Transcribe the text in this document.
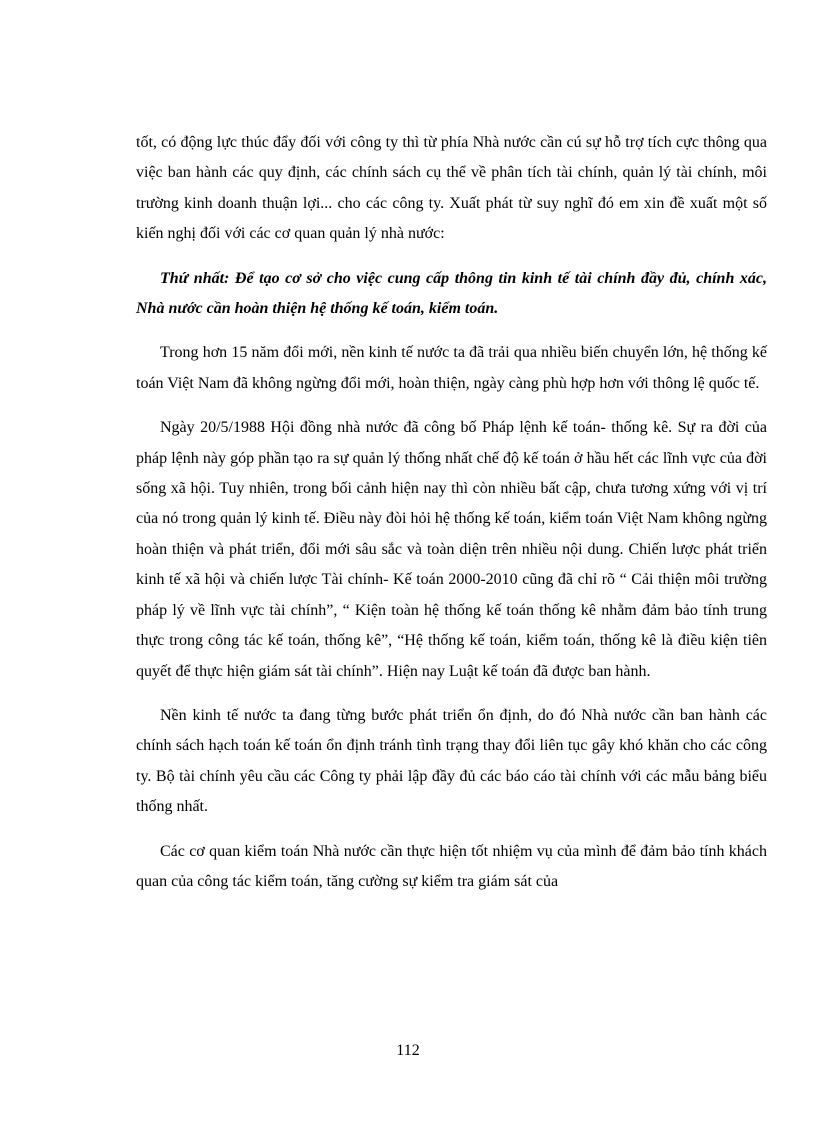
tốt, có động lực thúc đẩy đối với công ty thì từ phía Nhà nước cần cú sự hỗ trợ tích cực thông qua việc ban hành các quy định, các chính sách cụ thể về phân tích tài chính, quản lý tài chính, môi trường kinh doanh thuận lợi... cho các công ty. Xuất phát từ suy nghĩ đó em xin đề xuất một số kiến nghị đối với các cơ quan quản lý nhà nước:

Thứ nhất: Để tạo cơ sở cho việc cung cấp thông tin kinh tế tài chính đầy đủ, chính xác, Nhà nước cần hoàn thiện hệ thống kế toán, kiểm toán.

Trong hơn 15 năm đổi mới, nền kinh tế nước ta đã trải qua nhiều biến chuyển lớn, hệ thống kế toán Việt Nam đã không ngừng đổi mới, hoàn thiện, ngày càng phù hợp hơn với thông lệ quốc tế.

Ngày 20/5/1988 Hội đồng nhà nước đã công bố Pháp lệnh kế toán- thống kê. Sự ra đời của pháp lệnh này góp phần tạo ra sự quản lý thống nhất chế độ kế toán ở hầu hết các lĩnh vực của đời sống xã hội. Tuy nhiên, trong bối cảnh hiện nay thì còn nhiều bất cập, chưa tương xứng với vị trí của nó trong quản lý kinh tế. Điều này đòi hỏi hệ thống kế toán, kiểm toán Việt Nam không ngừng hoàn thiện và phát triển, đổi mới sâu sắc và toàn diện trên nhiều nội dung. Chiến lược phát triển kinh tế xã hội và chiến lược Tài chính- Kế toán 2000-2010 cũng đã chỉ rõ “ Cải thiện môi trường pháp lý về lĩnh vực tài chính”, “ Kiện toàn hệ thống kế toán thống kê nhằm đảm bảo tính trung thực trong công tác kế toán, thống kê”, “Hệ thống kế toán, kiểm toán, thống kê là điều kiện tiên quyết để thực hiện giám sát tài chính”. Hiện nay Luật kế toán đã được ban hành.

Nền kinh tế nước ta đang từng bước phát triển ổn định, do đó Nhà nước cần ban hành các chính sách hạch toán kế toán ổn định tránh tình trạng thay đổi liên tục gây khó khăn cho các công ty. Bộ tài chính yêu cầu các Công ty phải lập đầy đủ các báo cáo tài chính với các mẫu bảng biểu thống nhất.

Các cơ quan kiểm toán Nhà nước cần thực hiện tốt nhiệm vụ của mình để đảm bảo tính khách quan của công tác kiểm toán, tăng cường sự kiểm tra giám sát của

112
